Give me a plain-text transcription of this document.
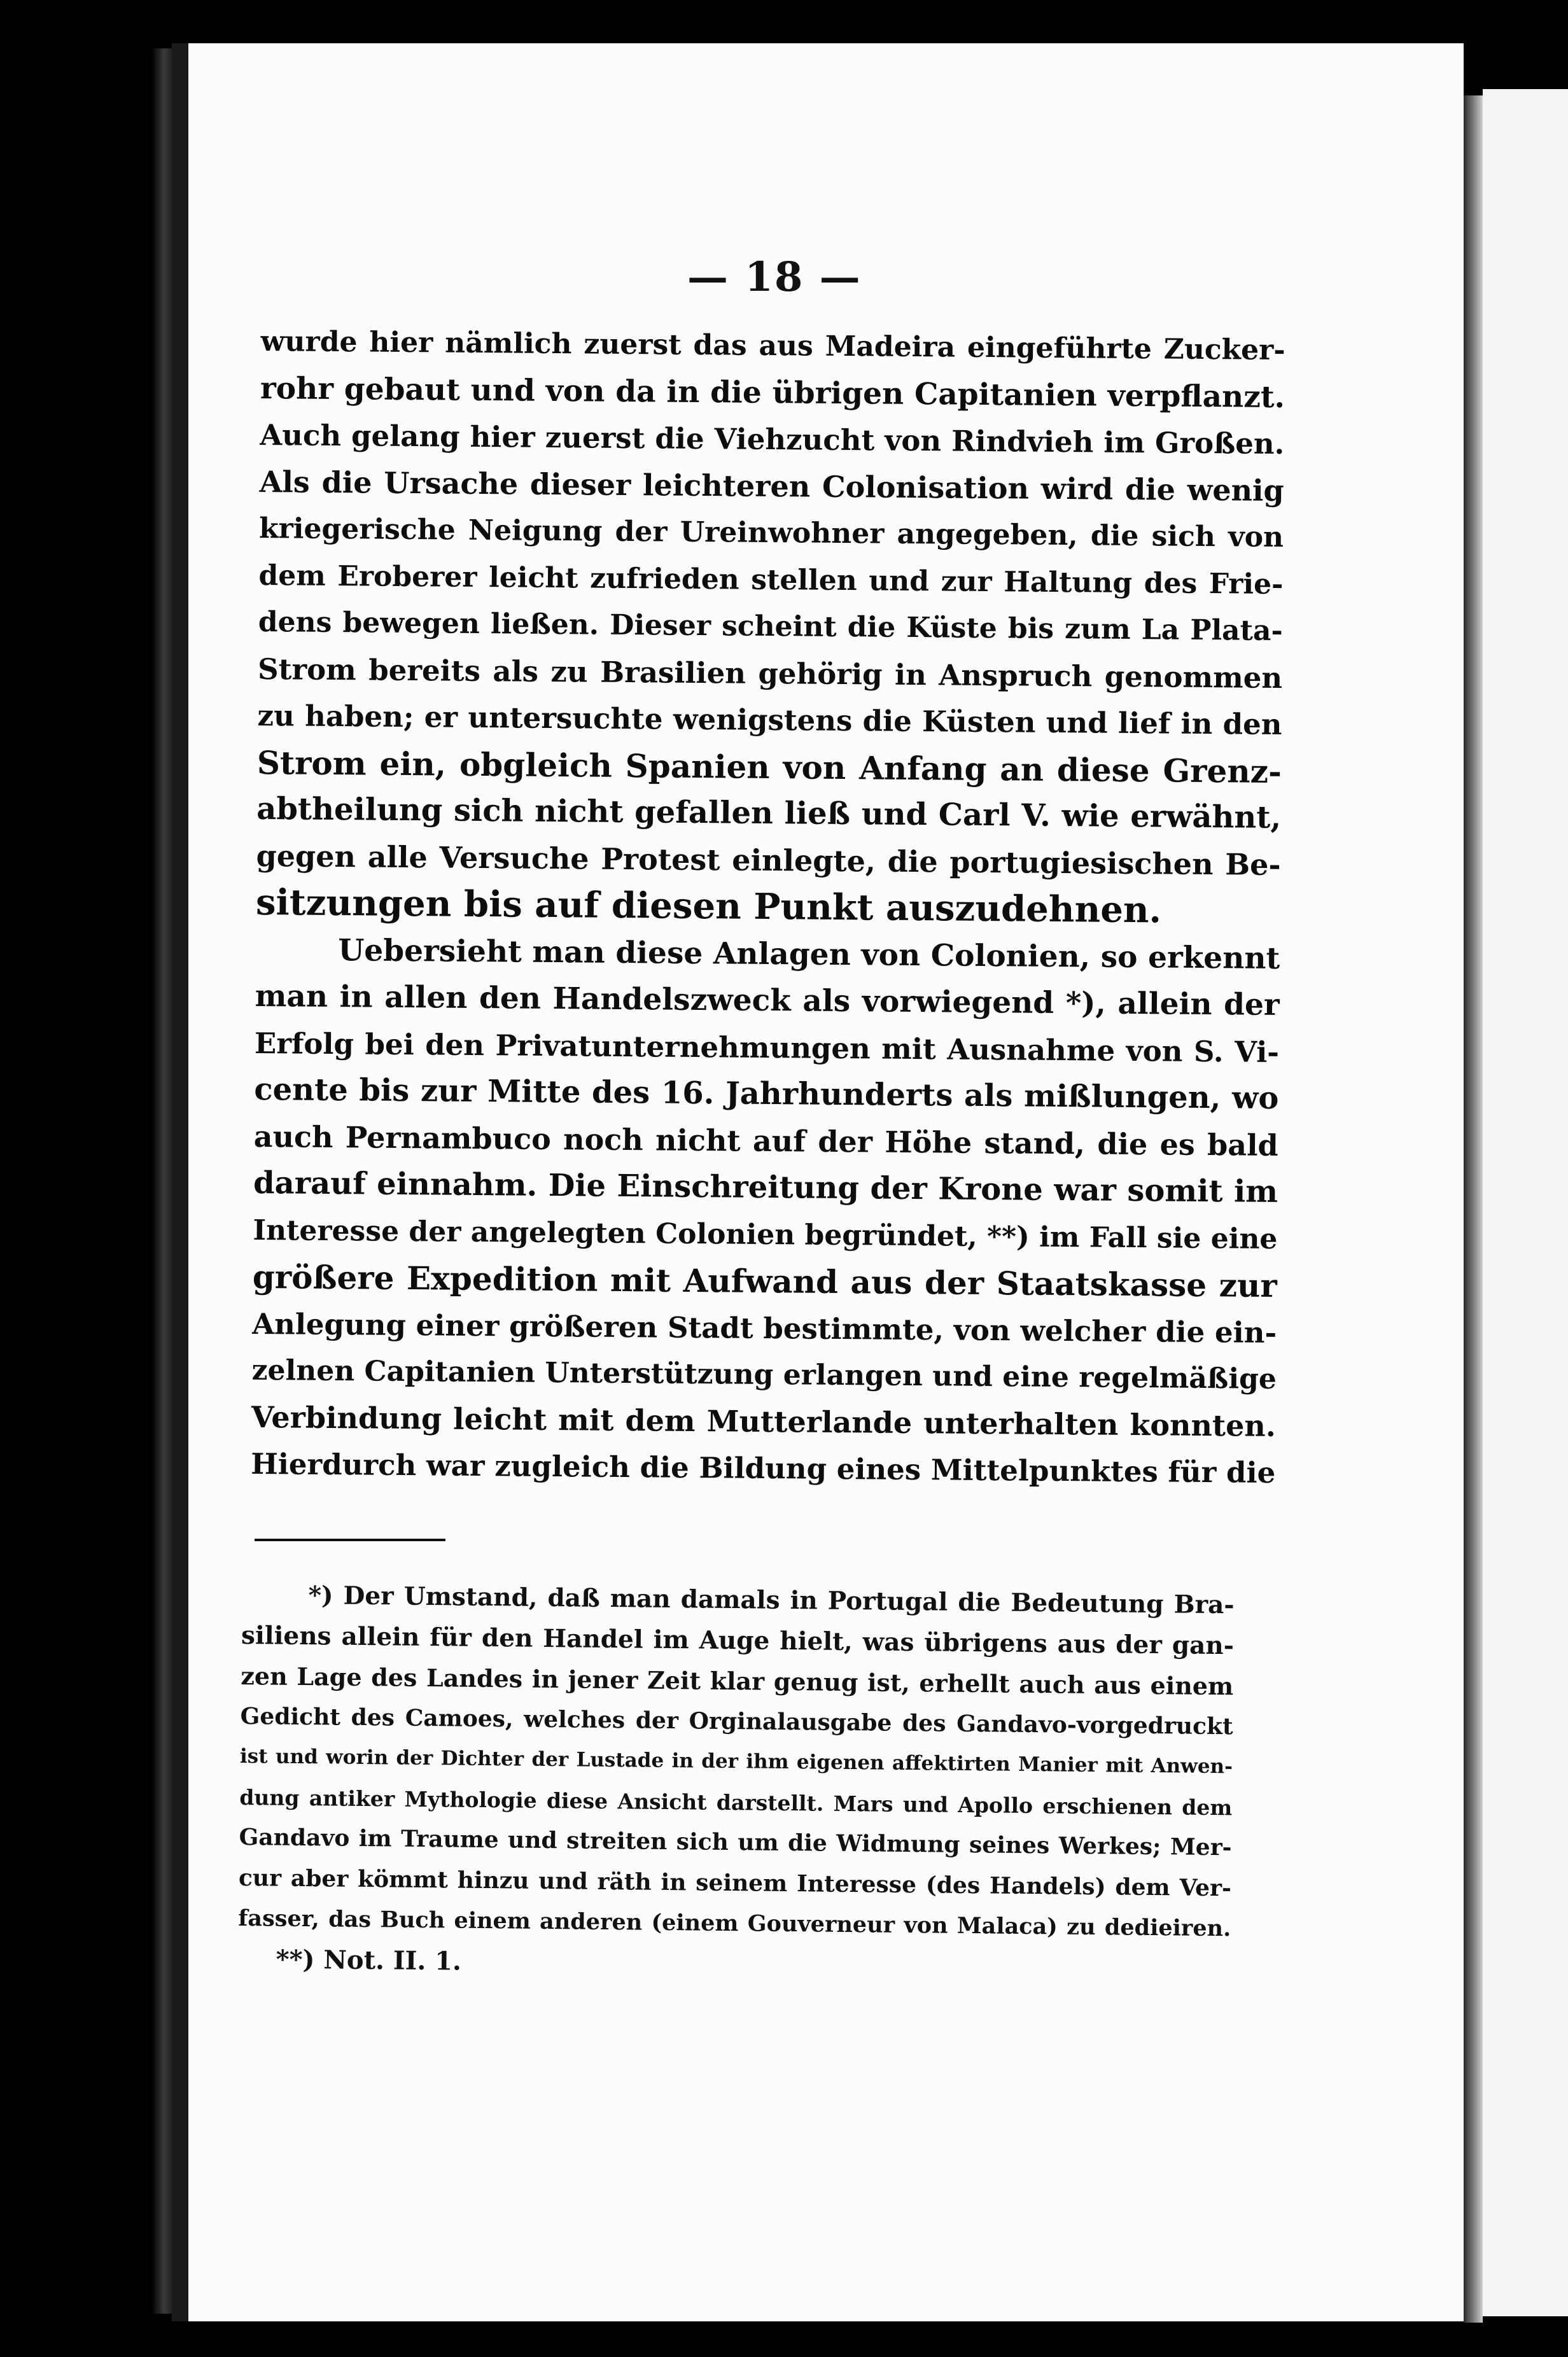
— 18 —
wurde hier nämlich zuerst das aus Madeira eingeführte Zucker-
rohr gebaut und von da in die übrigen Capitanien verpflanzt.
Auch gelang hier zuerst die Viehzucht von Rindvieh im Großen.
Als die Ursache dieser leichteren Colonisation wird die wenig
kriegerische Neigung der Ureinwohner angegeben, die sich von
dem Eroberer leicht zufrieden stellen und zur Haltung des Frie-
dens bewegen ließen. Dieser scheint die Küste bis zum La Plata-
Strom bereits als zu Brasilien gehörig in Anspruch genommen
zu haben; er untersuchte wenigstens die Küsten und lief in den
Strom ein, obgleich Spanien von Anfang an diese Grenz-
abtheilung sich nicht gefallen ließ und Carl V. wie erwähnt,
gegen alle Versuche Protest einlegte, die portugiesischen Be-
sitzungen bis auf diesen Punkt auszudehnen.
Uebersieht man diese Anlagen von Colonien, so erkennt
man in allen den Handelszweck als vorwiegend *), allein der
Erfolg bei den Privatunternehmungen mit Ausnahme von S. Vi-
cente bis zur Mitte des 16. Jahrhunderts als mißlungen, wo
auch Pernambuco noch nicht auf der Höhe stand, die es bald
darauf einnahm. Die Einschreitung der Krone war somit im
Interesse der angelegten Colonien begründet, **) im Fall sie eine
größere Expedition mit Aufwand aus der Staatskasse zur
Anlegung einer größeren Stadt bestimmte, von welcher die ein-
zelnen Capitanien Unterstützung erlangen und eine regelmäßige
Verbindung leicht mit dem Mutterlande unterhalten konnten.
Hierdurch war zugleich die Bildung eines Mittelpunktes für die
*) Der Umstand, daß man damals in Portugal die Bedeutung Bra-
siliens allein für den Handel im Auge hielt, was übrigens aus der gan-
zen Lage des Landes in jener Zeit klar genug ist, erhellt auch aus einem
Gedicht des Camoes, welches der Orginalausgabe des Gandavo-vorgedruckt
ist und worin der Dichter der Lustade in der ihm eigenen affektirten Manier mit Anwen-
dung antiker Mythologie diese Ansicht darstellt. Mars und Apollo erschienen dem
Gandavo im Traume und streiten sich um die Widmung seines Werkes; Mer-
cur aber kömmt hinzu und räth in seinem Interesse (des Handels) dem Ver-
fasser, das Buch einem anderen (einem Gouverneur von Malaca) zu dedieiren.
**) Not. II. 1.
